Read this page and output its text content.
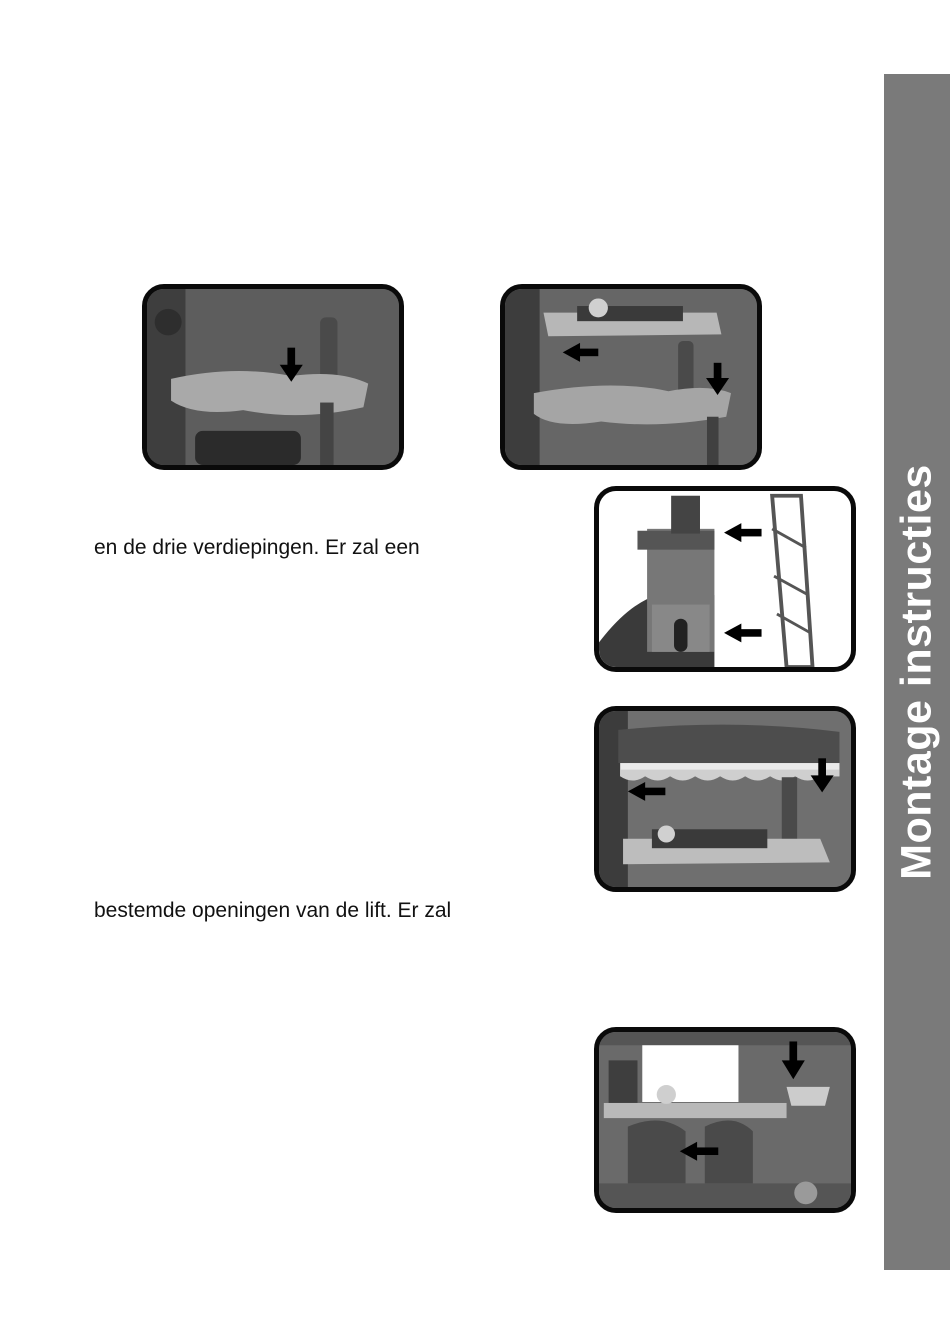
Montage instructies
en de drie verdiepingen. Er zal een
bestemde openingen van de lift. Er zal
